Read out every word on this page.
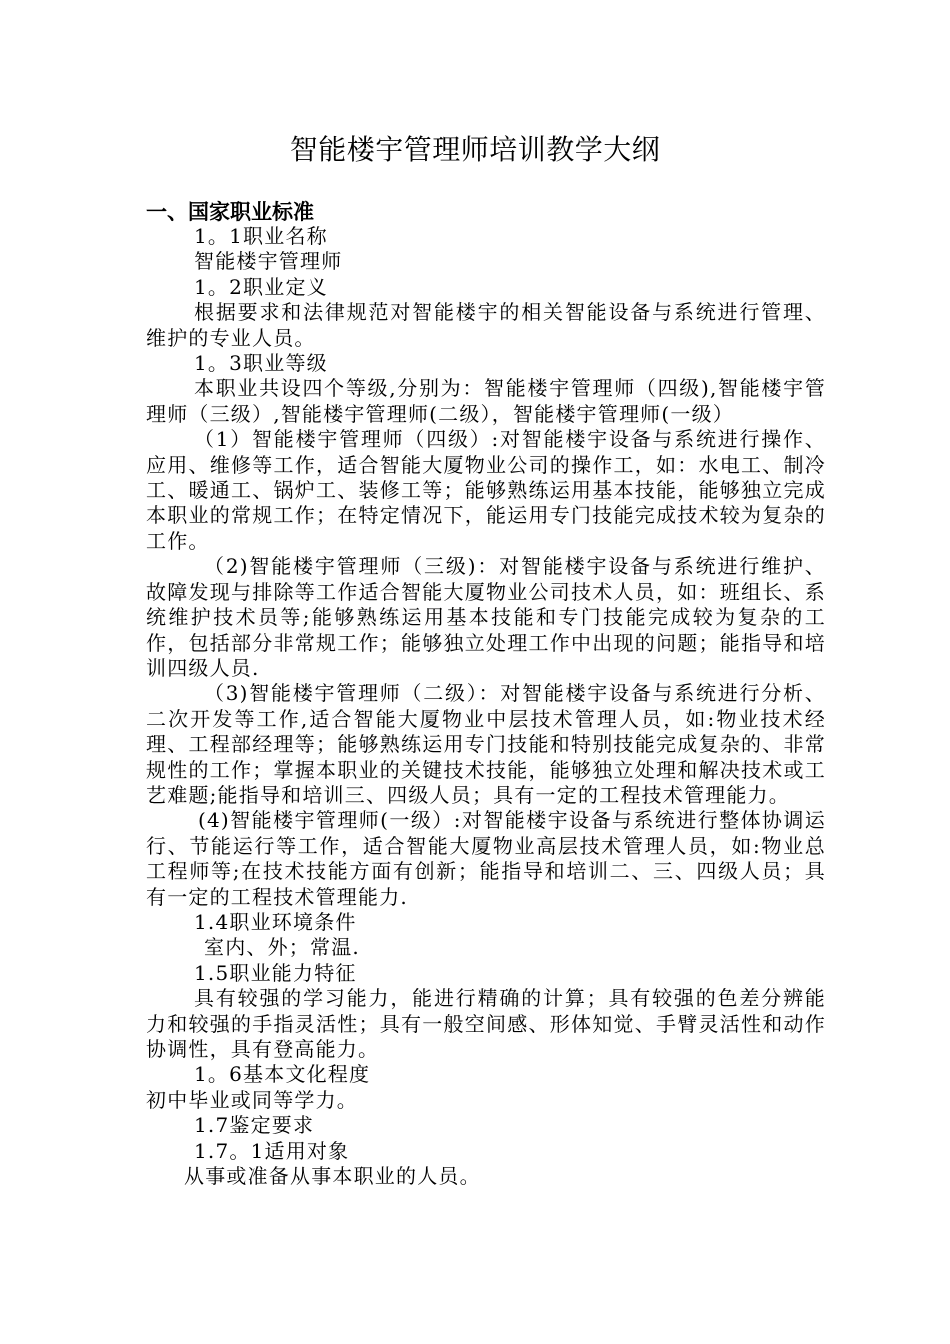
智能楼宇管理师培训教学大纲
一、国家职业标准

1。1职业名称

智能楼宇管理师

1。2职业定义

根据要求和法律规范对智能楼宇的相关智能设备与系统进行管理、维护的专业人员。

1。3职业等级

本职业共设四个等级,分别为：智能楼宇管理师（四级),智能楼宇管理师（三级）,智能楼宇管理师(二级），智能楼宇管理师(一级）

（1）智能楼宇管理师（四级）:对智能楼宇设备与系统进行操作、应用、维修等工作，适合智能大厦物业公司的操作工，如：水电工、制冷工、暖通工、锅炉工、装修工等；能够熟练运用基本技能，能够独立完成本职业的常规工作；在特定情况下，能运用专门技能完成技术较为复杂的工作。

（2)智能楼宇管理师（三级)：对智能楼宇设备与系统进行维护、故障发现与排除等工作适合智能大厦物业公司技术人员，如：班组长、系统维护技术员等;能够熟练运用基本技能和专门技能完成较为复杂的工作，包括部分非常规工作；能够独立处理工作中出现的问题；能指导和培训四级人员.

（3)智能楼宇管理师（二级）：对智能楼宇设备与系统进行分析、二次开发等工作,适合智能大厦物业中层技术管理人员，如:物业技术经理、工程部经理等；能够熟练运用专门技能和特别技能完成复杂的、非常规性的工作；掌握本职业的关键技术技能，能够独立处理和解决技术或工艺难题;能指导和培训三、四级人员；具有一定的工程技术管理能力。

(4)智能楼宇管理师(一级）:对智能楼宇设备与系统进行整体协调运行、节能运行等工作，适合智能大厦物业高层技术管理人员，如:物业总工程师等;在技术技能方面有创新；能指导和培训二、三、四级人员；具有一定的工程技术管理能力.

1.4职业环境条件

室内、外；常温.

1.5职业能力特征

具有较强的学习能力，能进行精确的计算；具有较强的色差分辨能力和较强的手指灵活性；具有一般空间感、形体知觉、手臂灵活性和动作协调性，具有登高能力。

1。6基本文化程度

初中毕业或同等学力。

1.7鉴定要求

1.7。1适用对象

从事或准备从事本职业的人员。
